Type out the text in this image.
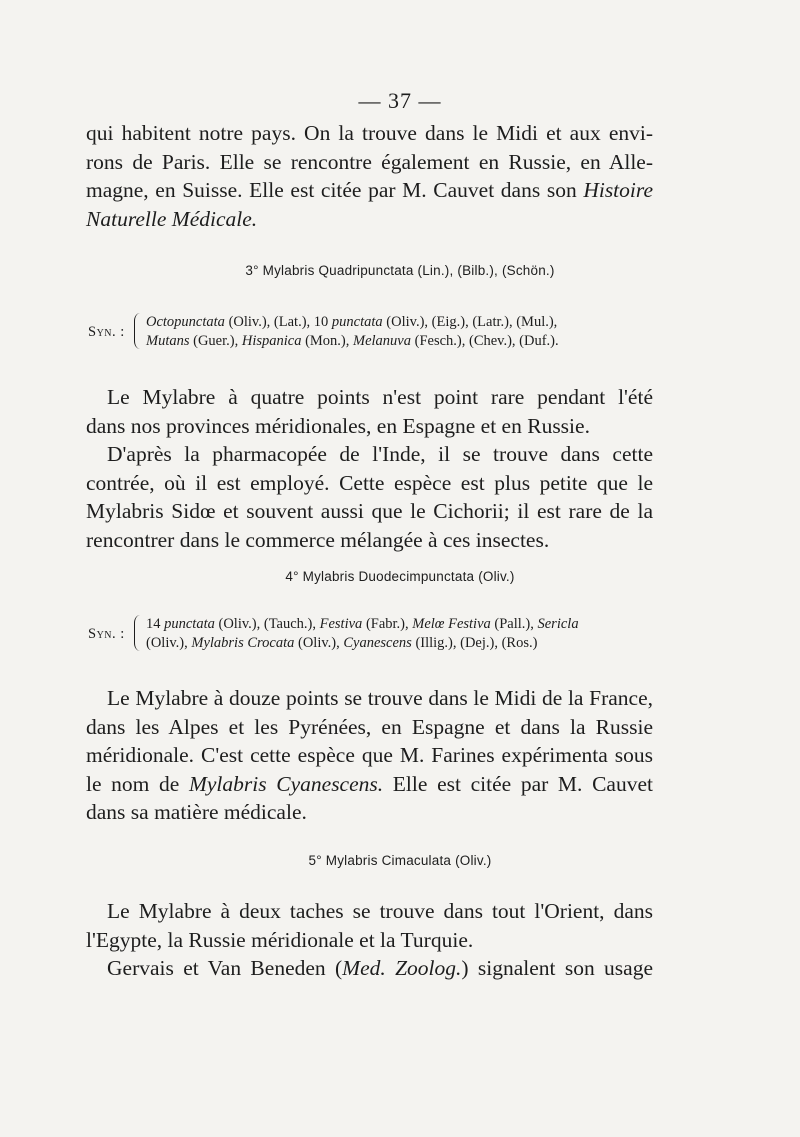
— 37 —
qui habitent notre pays. On la trouve dans le Midi et aux envi-
rons de Paris. Elle se rencontre également en Russie, en Alle-
magne, en Suisse. Elle est citée par M. Cauvet dans son Histoire
Naturelle Médicale.
3° Mylabris Quadripunctata (Lin.), (Bilb.), (Schön.)
Syn. :
Octopunctata (Oliv.), (Lat.), 10 punctata (Oliv.), (Eig.), (Latr.), (Mul.),
Mutans (Guer.), Hispanica (Mon.), Melanuva (Fesch.), (Chev.), (Duf.).
Le Mylabre à quatre points n'est point rare pendant l'été
dans nos provinces méridionales, en Espagne et en Russie.
D'après la pharmacopée de l'Inde, il se trouve dans cette
contrée, où il est employé. Cette espèce est plus petite que le
Mylabris Sidœ et souvent aussi que le Cichorii; il est rare de la
rencontrer dans le commerce mélangée à ces insectes.
4° Mylabris Duodecimpunctata (Oliv.)
Syn. :
14 punctata (Oliv.), (Tauch.), Festiva (Fabr.), Melœ Festiva (Pall.), Sericla
(Oliv.), Mylabris Crocata (Oliv.), Cyanescens (Illig.), (Dej.), (Ros.)
Le Mylabre à douze points se trouve dans le Midi de la France,
dans les Alpes et les Pyrénées, en Espagne et dans la Russie
méridionale. C'est cette espèce que M. Farines expérimenta sous
le nom de Mylabris Cyanescens. Elle est citée par M. Cauvet
dans sa matière médicale.
5° Mylabris Cimaculata (Oliv.)
Le Mylabre à deux taches se trouve dans tout l'Orient, dans
l'Egypte, la Russie méridionale et la Turquie.
Gervais et Van Beneden (Med. Zoolog.) signalent son usage
